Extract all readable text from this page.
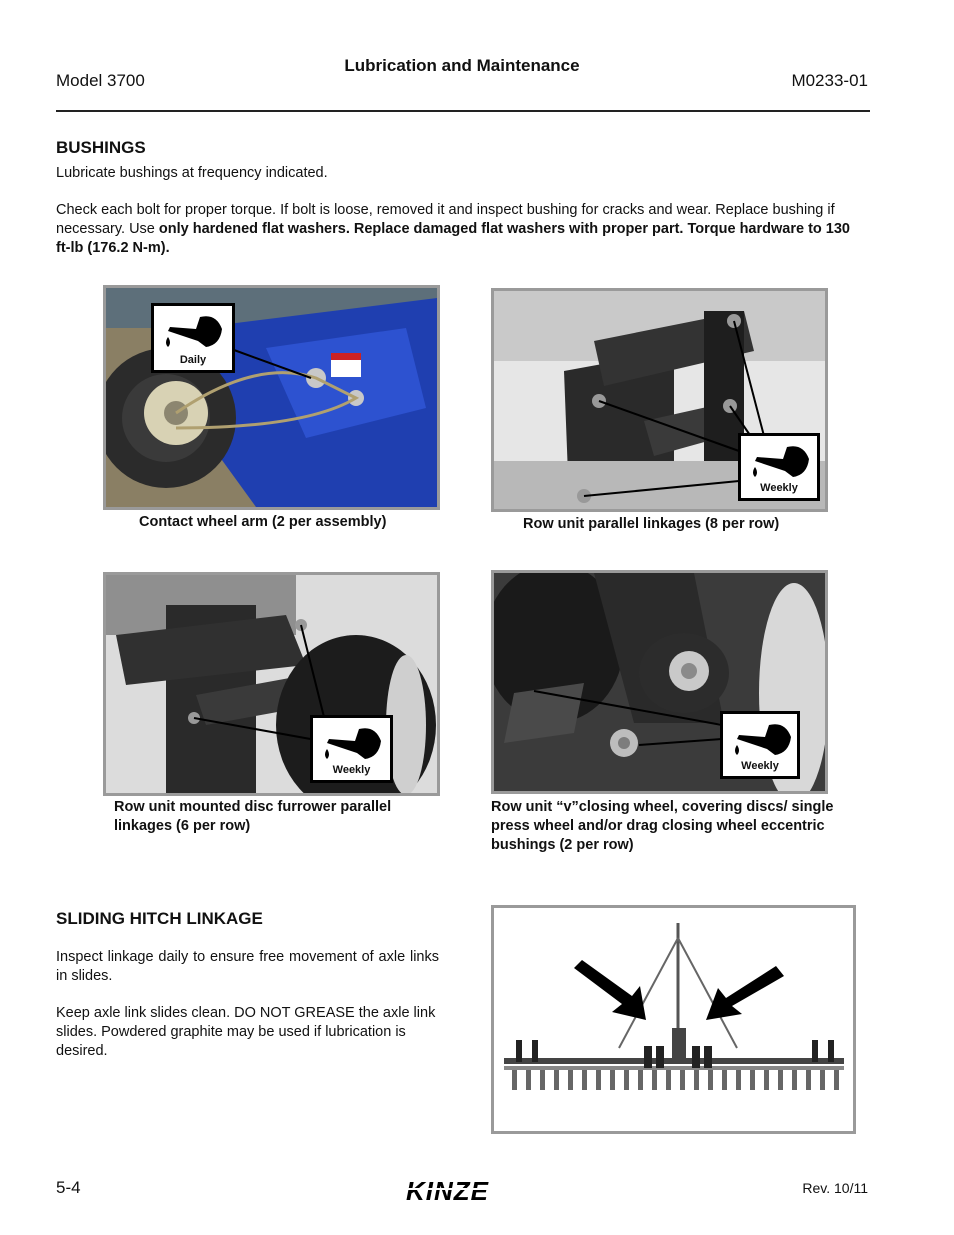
Lubrication and Maintenance
Model 3700	M0233-01
BUSHINGS
Lubricate bushings at frequency indicated.
Check each bolt for proper torque. If bolt is loose, removed it and inspect bushing for cracks and wear. Replace bushing if necessary. Use only hardened flat washers. Replace damaged flat washers with proper part. Torque hardware to 130 ft-lb (176.2 N-m).
Daily
Contact wheel arm (2 per assembly)
Weekly
Row unit parallel linkages (8 per row)
Weekly
Row unit mounted disc furrower parallel linkages (6 per row)
Weekly
Row unit “v”closing wheel, covering discs/ single press wheel and/or drag closing wheel eccentric bushings (2 per row)
SLIDING HITCH LINKAGE
Inspect linkage daily to ensure free movement of axle links in slides.
Keep axle link slides clean. DO NOT GREASE the axle link slides. Powdered graphite may be used if lubrication is desired.
5-4	KINZE	Rev. 10/11
